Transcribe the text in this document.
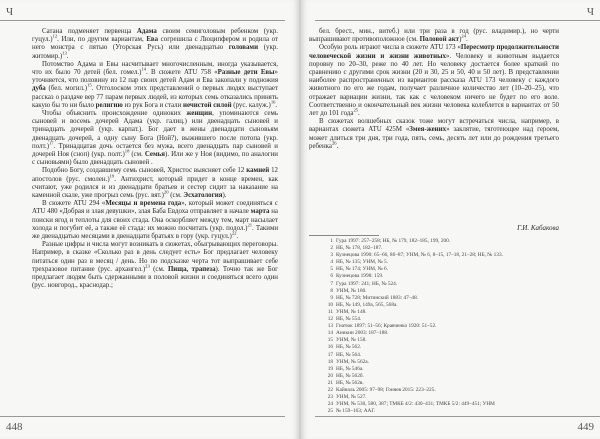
Ч

Сатана подменяет первенца Адама своим семиголовым ребенком (укр. гуцул.)$^{12}$. Или, по другим вариантам, Ева согрешила с Люципфером и родила от него монстра с пятью (Угорская Русь) или двенадцатью головами (укр. житомир.)$^{13}$.

Потомство Адама и Евы насчитывает многочисленным, иногда указывается, что их было 70 детей (бел. гомел.)$^{14}$. В сюжете ATU 758 «Разные дети Евы» уточняется, что половину из 12 пар своих детей Адам и Ева закопали у подножия дуба (бел. могил.)$^{15}$. Отголоском этих представлений о первых людях выступает рассказ о раздаче вер 77 парам первых людей, из которых семь отказались принять какую бы то ни было религию из рук Бога и стали нечистой силой (рус. калуж.)$^{16}$.

Чтобы объяснить происхождение одиноких женщин, упоминаются семь сыновей и восемь дочерей Адама (укр. галиц.) или двенадцать сыновей и тринадцать дочерей (укр. карпат.). Бог дает в жены двенадцати сыновьям двенадцать дочерей, а одну сыну Бога (Ной?), выжившего после потопа (укр. полт.)$^{17}$. Тринадцатая дочь остается без мужа, всего двенадцать пар сыновей и дочерей Ноя (сноп) (укр. полт.)$^{18}$ (см. Семья). Или же у Ноя (видимо, по аналогии с сыновьями) было двенадцать сыновей .

Подобно Богу, создавшему семь сыновей, Христос выясняет себе 12 камней 12 апостолов (рус. смолен.)$^{19}$. Антихрист, который придет в конце времен, как считают, уже родился и из двенадцати братьев и сестер сидит за наказание на каменной скале, уже прогрыз семь (рус. вят.)$^{20}$ (см. Эсхатология).

В сюжете ATU 294 «Месяцы и времена года», который может соединяться с ATU 480 «Добрая и злая девушки», злая Баба Евдоха отправляет в начале марта на поиски ягод и теплоты для своих стада. Она оскорбляет между тем, март насылает холода и погубит её, а также её стада: их можно посчитать (укр. подол.)$^{21}$. Такими же двенадцатью месяцами в двенадцати братьях в гору (укр. гуцул.)$^{22}$.

Разные цифры и числа могут возникать в сюжетах, обыгрывающих переговоры. Например, в сказке «Сколько раз в день следует есть» Бог предлагает человеку питаться один раз в месяц / день. Но по подсказке черта тот выпрашивает себе трехразовое питание (рус. архангел.)$^{23}$ (см. Пища, трапеза). Точно так же Бог предлагает людям быть сдержанными в половой жизни и соединяться всего один (рус. новгород., краснодар.;

448
Ч

бел. брест., мин., витеб.) или три раза в год (рус. владимир.), но черти выпрашивают противоположное (см. Половой акт)$^{24}$.

Особую роль играют числа в сюжете ATU 173 «Пересмотр продолжительности человеческой жизни и жизни животных». Человеку и животным выдается поровну по 20–30, реже по 40 лет. Но человеку достается более краткий по сравнению с другими срок жизни (20 и 30, 25 и 50, 40 и 50 лет). В представлении наиболее распространенных из вариантов рассказа ATU 173 человеку с каждого животного по его же годам, получает различное количество лет (10–20–25), что отражает вариации жизни, так как с человеком ничего не будет по его воле. Соответственно и окончательный век жизни человека колеблется в вариантах от 50 лет до 101 года$^{25}$.

В сюжетах волшебных сказок тоже могут встречаться числа, например, в вариантах сюжета ATU 425M «Змея-жених» заклятие, тяготеющее над героем, может длиться три дня, три года, пять, семь, десять лет или до рождения третьего ребенка$^{26}$.

Г.И. Кабакова
1 Гура 1997: 257–258; НБ, № 179, 182–185, 199, 200.
2 НБ, № 178, 182–187.
3 Кузнецова 1990: 65–66, 86–87; УНМ, № 6, 8–15, 17–18, 21–28; НБ, № 133.
4 НБ, № 135; УНМ, № 5.
5 НБ, № 174; УНМ, № 6.
6 Кузнецова 1998: 159.
7 Гура 1997: 241; НБ, № 524.
8 УНМ, № 180.
9 НБ, № 728; Митинский 1883: 47–48.
10 НБ, № 149, 149а, 565, 568а.
11 УНМ, № 148.
12 НБ, № 554.
13 Гнатюк 1897: 51–56; Кравченко 1920: 51–52.
14 Аникин 2003: 187–188.
15 УНМ, № 158.
16 НБ, № 562.
17 НБ, № 564.
18 УНМ, № 562а.
19 НБ, № 546а.
20 НБ, № 562б.
21 НБ, № 562в.
22 Кайналь 2005: 97–98; Гоняев 2015: 223–225.
23 УНМ, № 527.
24 УНМ, № 530, 580, 387; ТМКБ 4/2: 430–431; ТМКБ 5/2: 449–451; УНМ
25 № 159–163; ААГ.
449
